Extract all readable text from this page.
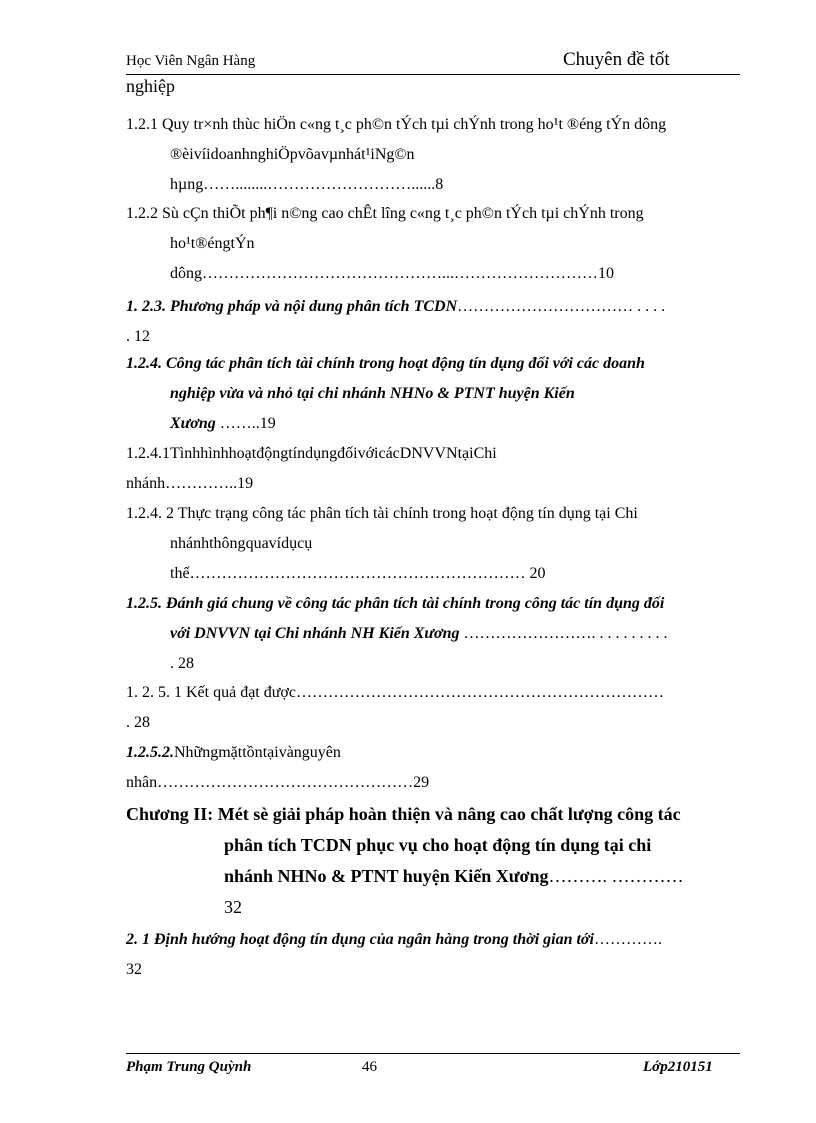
Học Viên Ngân Hàng	Chuyên đề tốt
nghiệp
1.2.1 Quy tr×nh thùc hiÖn c«ng t¸c ph©n tÝch tµi chÝnh trong ho¹t ®éng tÝn dông
®èivíidoanhnghiÖpvõavµnhát¹iNg©n
hµng……........………………………......8
1.2.2 Sù cÇn thiÕt ph¶i n©ng cao chÊt lîng c«ng t¸c ph©n tÝch tµi chÝnh trong
ho¹t®éngtÝn
dông………………………………………...………………………10
1. 2.3. Phương pháp và nội dung phân tích TCDN…………………………… . . . .
. 12
1.2.4. Công tác phân tích tài chính trong hoạt động tín dụng đối với các doanh
nghiệp vừa và nhỏ tại chi nhánh NHNo & PTNT huyện Kiến
Xương ……..19
1.2.4.1TìnhhìnhhoạtđộngtíndụngđốivớicácDNVVNtạiChi
nhánh…………..19
1.2.4. 2 Thực trạng công tác phân tích tài chính trong hoạt động tín dụng tại Chi
nhánhthôngquavídụcụ
thể……………………………………………………… 20
1.2.5. Đánh giá chung về công tác phân tích tài chính trong công tác tín dụng đối
với DNVVN tại Chi nhánh NH Kiến Xương ……………………. . . . . . . . . .
. 28
1. 2. 5. 1 Kết quả đạt được……………………………………………………………
. 28
1.2.5.2.Nhữngmặttồntạivànguyên
nhân…………………………………………29
Chương II: Mét sè giải pháp hoàn thiện và nâng cao chất lượng công tác
phân tích TCDN phục vụ cho hoạt động tín dụng tại chi
nhánh NHNo & PTNT huyện Kiến Xương………. …………
32
2. 1 Định hướng hoạt động tín dụng của ngân hàng trong thời gian tới………….
32
Phạm Trung Quỳnh	46	Lớp210151
